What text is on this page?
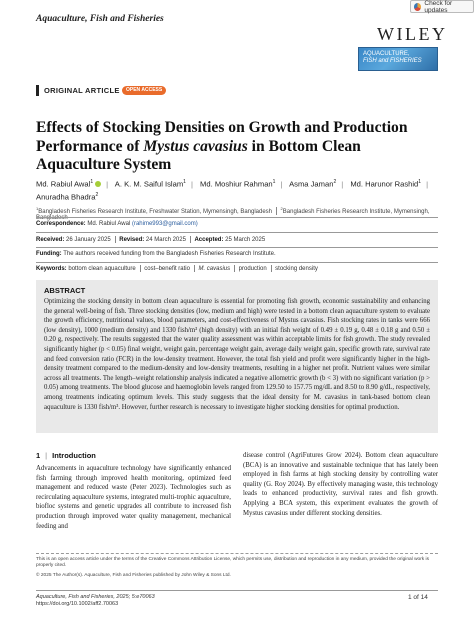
Aquaculture, Fish and Fisheries
Check for updates
WILEY
AQUACULTURE,
FISH and FISHERIES
ORIGINAL ARTICLE	OPEN ACCESS
Effects of Stocking Densities on Growth and Production Performance of Mystus cavasius in Bottom Clean Aquaculture System
Md. Rabiul Awal$^1$ | A. K. M. Saiful Islam$^1$ | Md. Moshiur Rahman$^1$ | Asma Jaman$^2$ | Md. Harunor Rashid$^1$ |
Anuradha Bhadra$^2$
$^1$Bangladesh Fisheries Research Institute, Freshwater Station, Mymensingh, Bangladesh$^2$Bangladesh Fisheries Research Institute, Mymensingh, Bangladesh
Correspondence: Md. Rabiul Awal (rahime993@gmail.com)
Received: 26 January 2025 Revised: 24 March 2025 Accepted: 25 March 2025
Funding: The authors received funding from the Bangladesh Fisheries Research Institute.
Keywords: bottom clean aquaculture cost–benefit ratio M. cavasius production stocking density
ABSTRACT
Optimizing the stocking density in bottom clean aquaculture is essential for promoting fish growth, economic sustainability and enhancing the general well-being of fish. Three stocking densities (low, medium and high) were tested in a bottom clean aquaculture system to evaluate the growth efficiency, nutritional values, blood parameters, and cost-effectiveness of Mystus cavasius. Fish stocking rates in tanks were 666 (low density), 1000 (medium density) and 1330 fish/m³ (high density) with an initial fish weight of 0.49 ± 0.19 g, 0.48 ± 0.18 g and 0.50 ± 0.20 g, respectively. The results suggested that the water quality assessment was within acceptable limits for fish growth. The study revealed significantly higher (p < 0.05) final weight, weight gain, percentage weight gain, average daily weight gain, specific growth rate, survival rate and feed conversion ratio (FCR) in the low-density treatment. However, the total fish yield and profit were significantly higher in the high-density treatment compared to the medium-density and low-density treatments, resulting in a higher net profit. Nutrient values were similar across all treatments. The length–weight relationship analysis indicated a negative allometric growth (b < 3) with no significant variation (p > 0.05) among treatments. The blood glucose and haemoglobin levels ranged from 129.50 to 157.75 mg/dL and 8.50 to 8.90 g/dL, respectively, among treatments indicating optimum levels. This study suggests that the ideal density for M. cavasius in tank-based bottom clean aquaculture is 1330 fish/m³. However, further research is necessary to investigate higher stocking densities for optimal production.
1 | Introduction
Advancements in aquaculture technology have significantly enhanced fish farming through improved health monitoring, optimized feed management and reduced waste (Peter 2023). Technologies such as recirculating aquaculture systems, integrated multi-trophic aquaculture, biofloc systems and genetic upgrades all contribute to increased fish production through improved water quality management, mechanical feeding and
disease control (AgriFutures Grow 2024). Bottom clean aquaculture (BCA) is an innovative and sustainable technique that has lately been employed in fish farms at high stocking density by controlling water quality (G. Roy 2024). By effectively managing waste, this technology leads to enhanced productivity, survival rates and fish growth. Applying a BCA system, this experiment evaluates the growth of Mystus cavasius under different stocking densities.
This is an open access article under the terms of the Creative Commons Attribution License, which permits use, distribution and reproduction in any medium, provided the original work is properly cited.
© 2025 The Author(s). Aquaculture, Fish and Fisheries published by John Wiley & Sons Ltd.
Aquaculture, Fish and Fisheries, 2025; 5:e70063
https://doi.org/10.1002/aff2.70063
1 of 14
